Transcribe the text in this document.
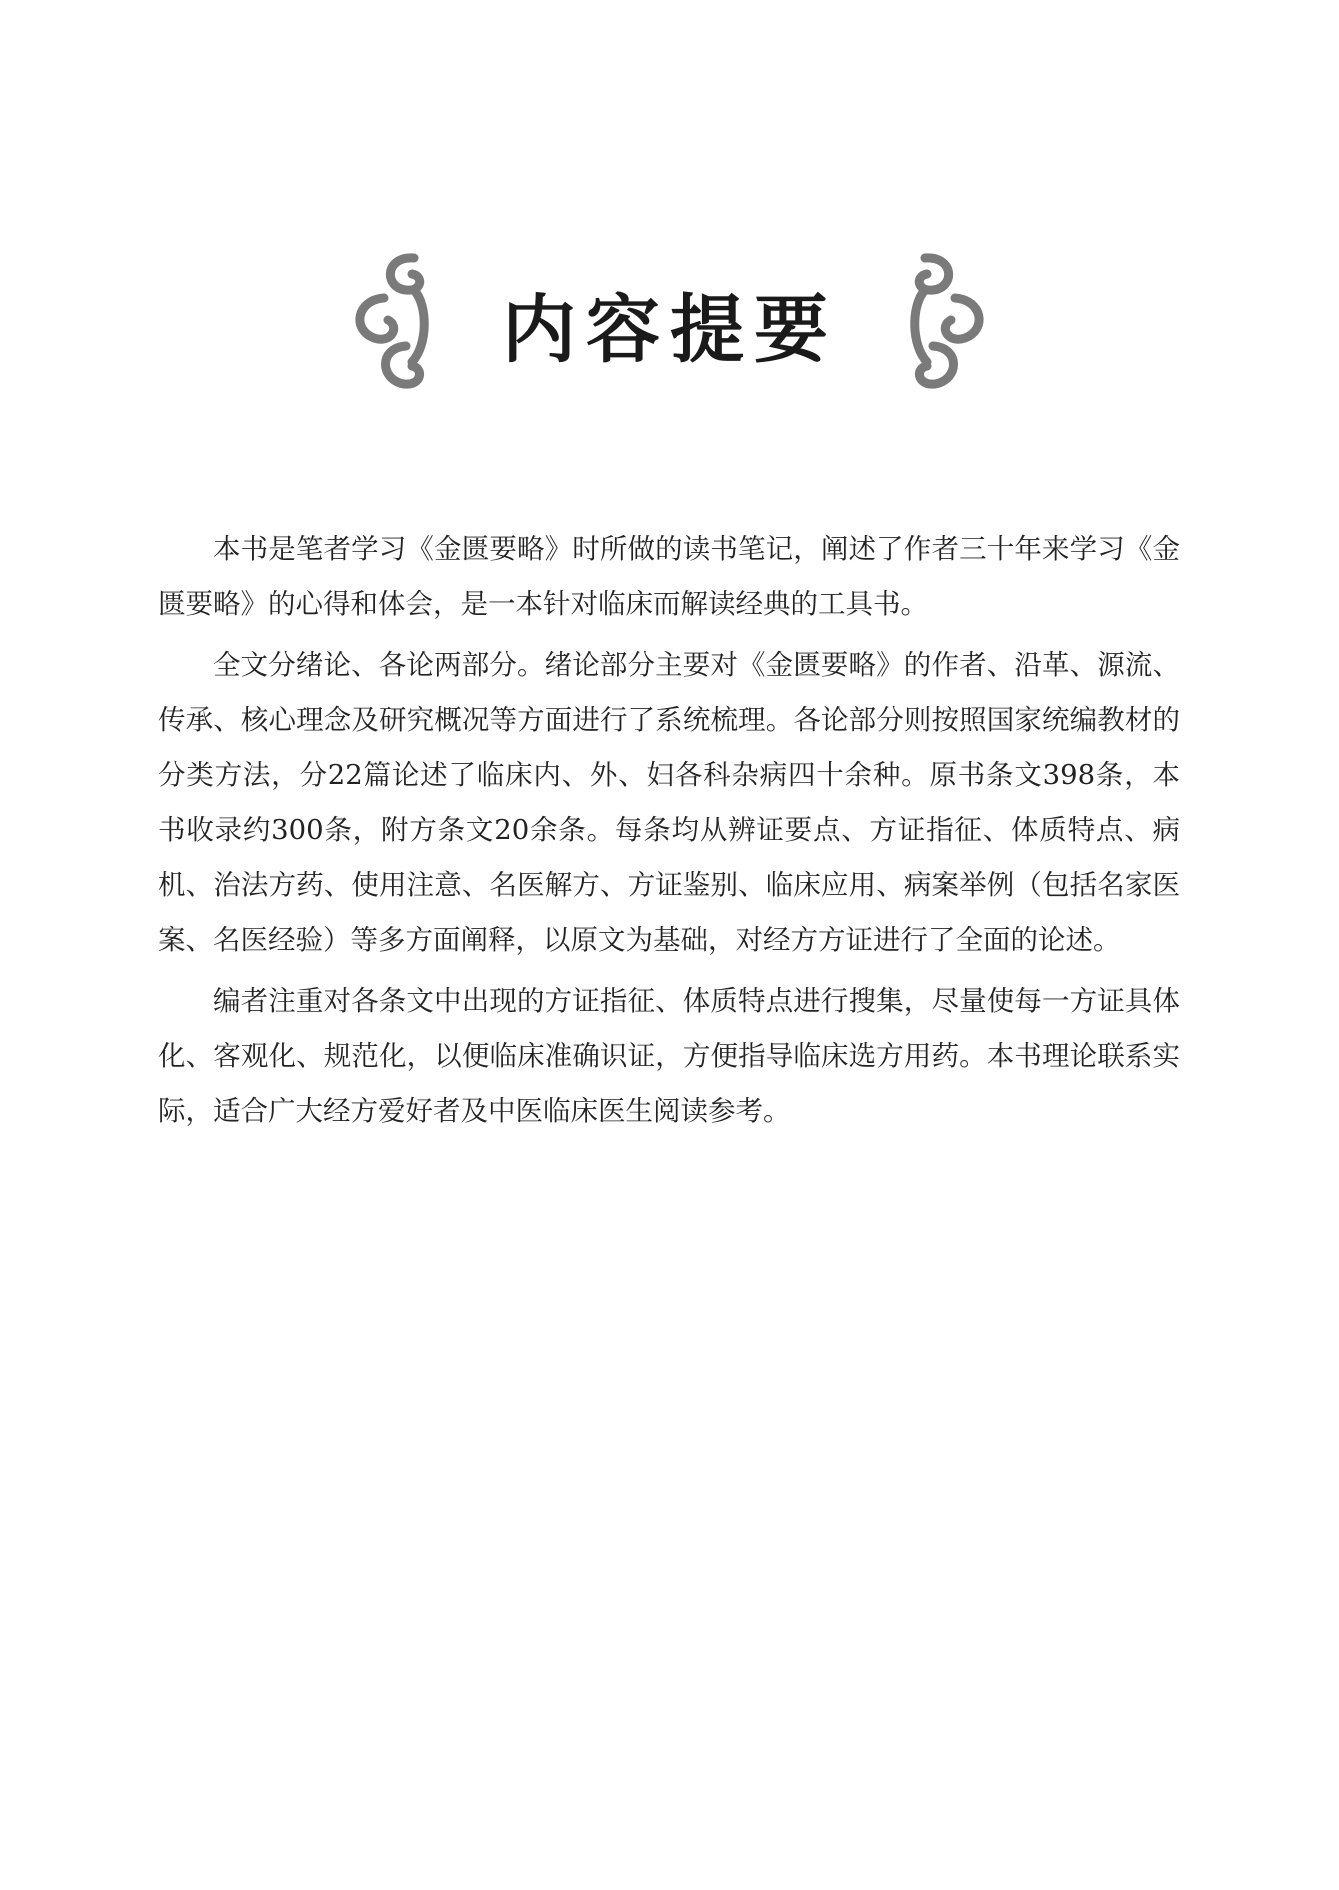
内容提要

本书是笔者学习《金匮要略》时所做的读书笔记，阐述了作者三十年来学习《金匮要略》的心得和体会，是一本针对临床而解读经典的工具书。

全文分绪论、各论两部分。绪论部分主要对《金匮要略》的作者、沿革、源流、传承、核心理念及研究概况等方面进行了系统梳理。各论部分则按照国家统编教材的分类方法，分22篇论述了临床内、外、妇各科杂病四十余种。原书条文398条，本书收录约300条，附方条文20余条。每条均从辨证要点、方证指征、体质特点、病机、治法方药、使用注意、名医解方、方证鉴别、临床应用、病案举例（包括名家医案、名医经验）等多方面阐释，以原文为基础，对经方方证进行了全面的论述。

编者注重对各条文中出现的方证指征、体质特点进行搜集，尽量使每一方证具体化、客观化、规范化，以便临床准确识证，方便指导临床选方用药。本书理论联系实际，适合广大经方爱好者及中医临床医生阅读参考。
